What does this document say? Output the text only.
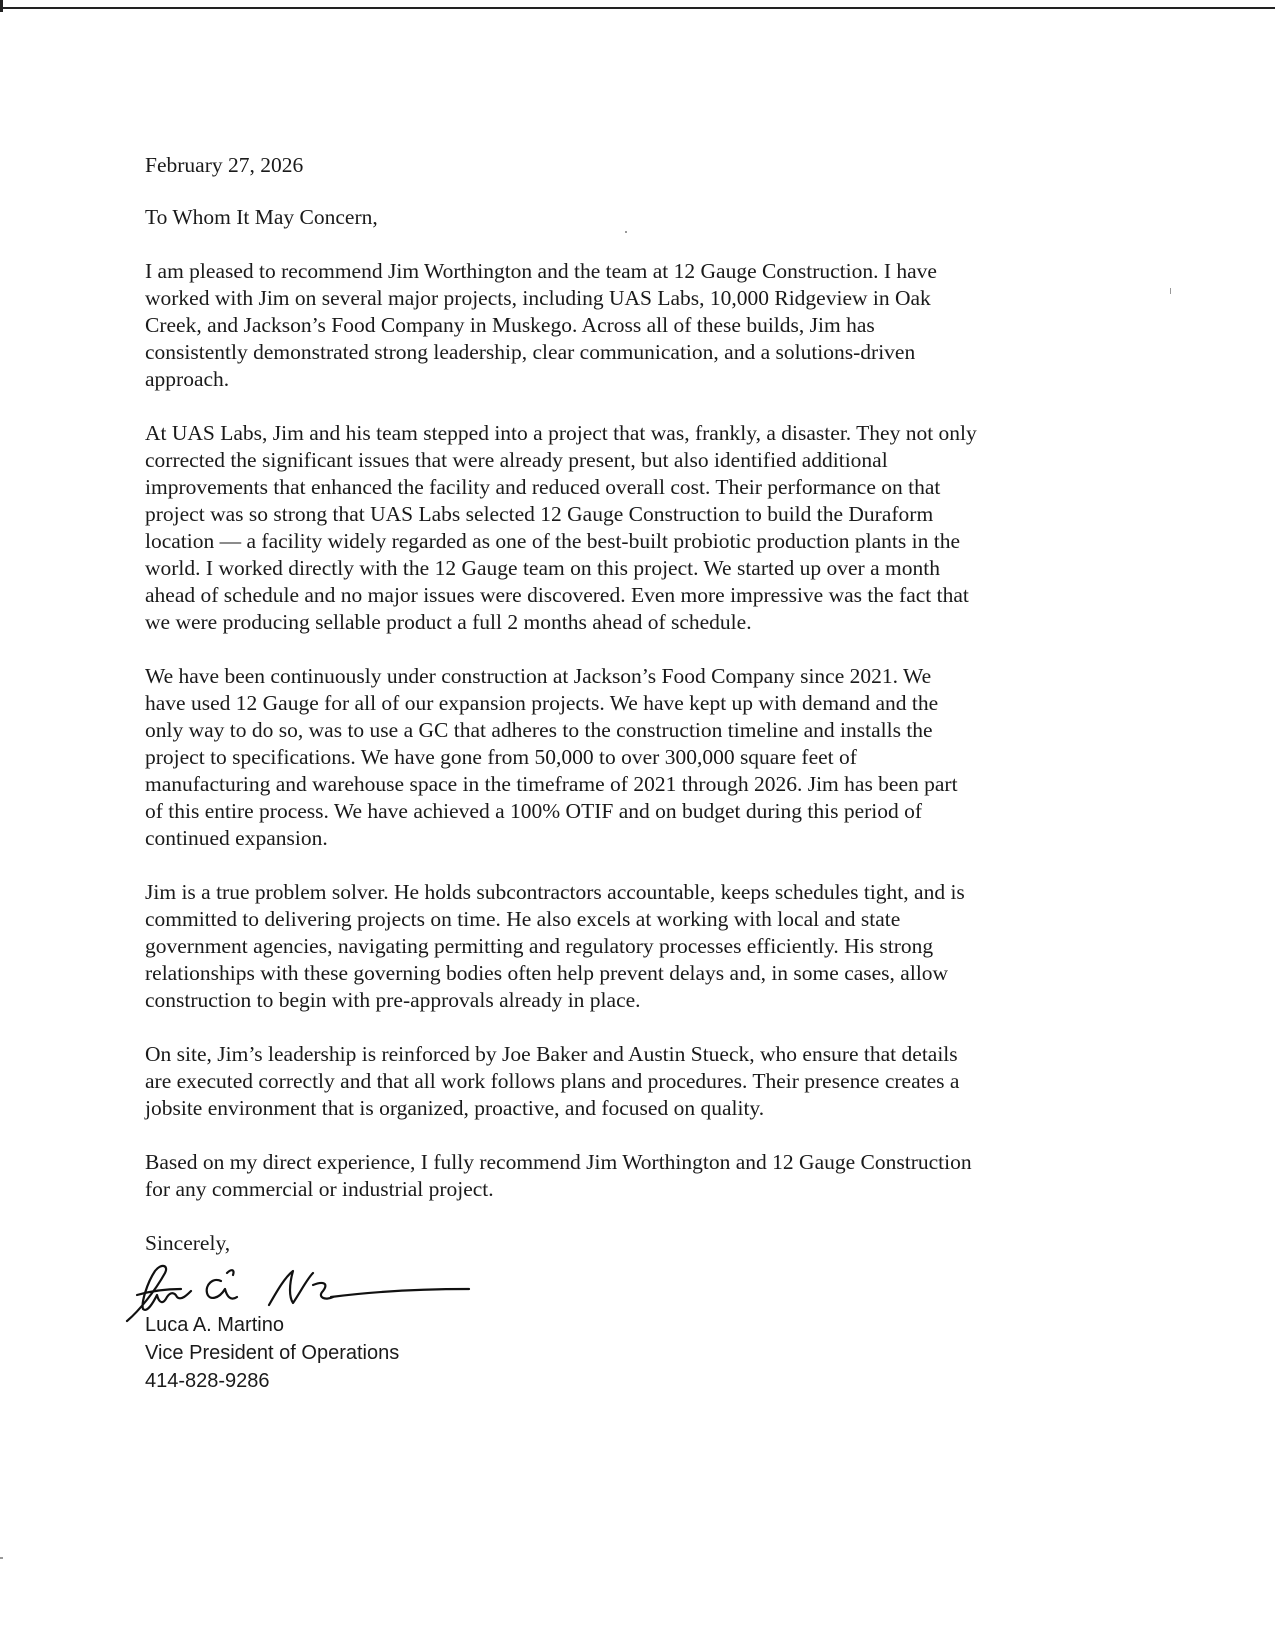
February 27, 2026

To Whom It May Concern,

I am pleased to recommend Jim Worthington and the team at 12 Gauge Construction. I have
worked with Jim on several major projects, including UAS Labs, 10,000 Ridgeview in Oak
Creek, and Jackson’s Food Company in Muskego. Across all of these builds, Jim has
consistently demonstrated strong leadership, clear communication, and a solutions-driven
approach.

At UAS Labs, Jim and his team stepped into a project that was, frankly, a disaster. They not only
corrected the significant issues that were already present, but also identified additional
improvements that enhanced the facility and reduced overall cost. Their performance on that
project was so strong that UAS Labs selected 12 Gauge Construction to build the Duraform
location — a facility widely regarded as one of the best-built probiotic production plants in the
world. I worked directly with the 12 Gauge team on this project. We started up over a month
ahead of schedule and no major issues were discovered. Even more impressive was the fact that
we were producing sellable product a full 2 months ahead of schedule.

We have been continuously under construction at Jackson’s Food Company since 2021. We
have used 12 Gauge for all of our expansion projects. We have kept up with demand and the
only way to do so, was to use a GC that adheres to the construction timeline and installs the
project to specifications. We have gone from 50,000 to over 300,000 square feet of
manufacturing and warehouse space in the timeframe of 2021 through 2026. Jim has been part
of this entire process. We have achieved a 100% OTIF and on budget during this period of
continued expansion.

Jim is a true problem solver. He holds subcontractors accountable, keeps schedules tight, and is
committed to delivering projects on time. He also excels at working with local and state
government agencies, navigating permitting and regulatory processes efficiently. His strong
relationships with these governing bodies often help prevent delays and, in some cases, allow
construction to begin with pre-approvals already in place.

On site, Jim’s leadership is reinforced by Joe Baker and Austin Stueck, who ensure that details
are executed correctly and that all work follows plans and procedures. Their presence creates a
jobsite environment that is organized, proactive, and focused on quality.

Based on my direct experience, I fully recommend Jim Worthington and 12 Gauge Construction
for any commercial or industrial project.

Sincerely,

Luca A. Martino
Vice President of Operations
414-828-9286
